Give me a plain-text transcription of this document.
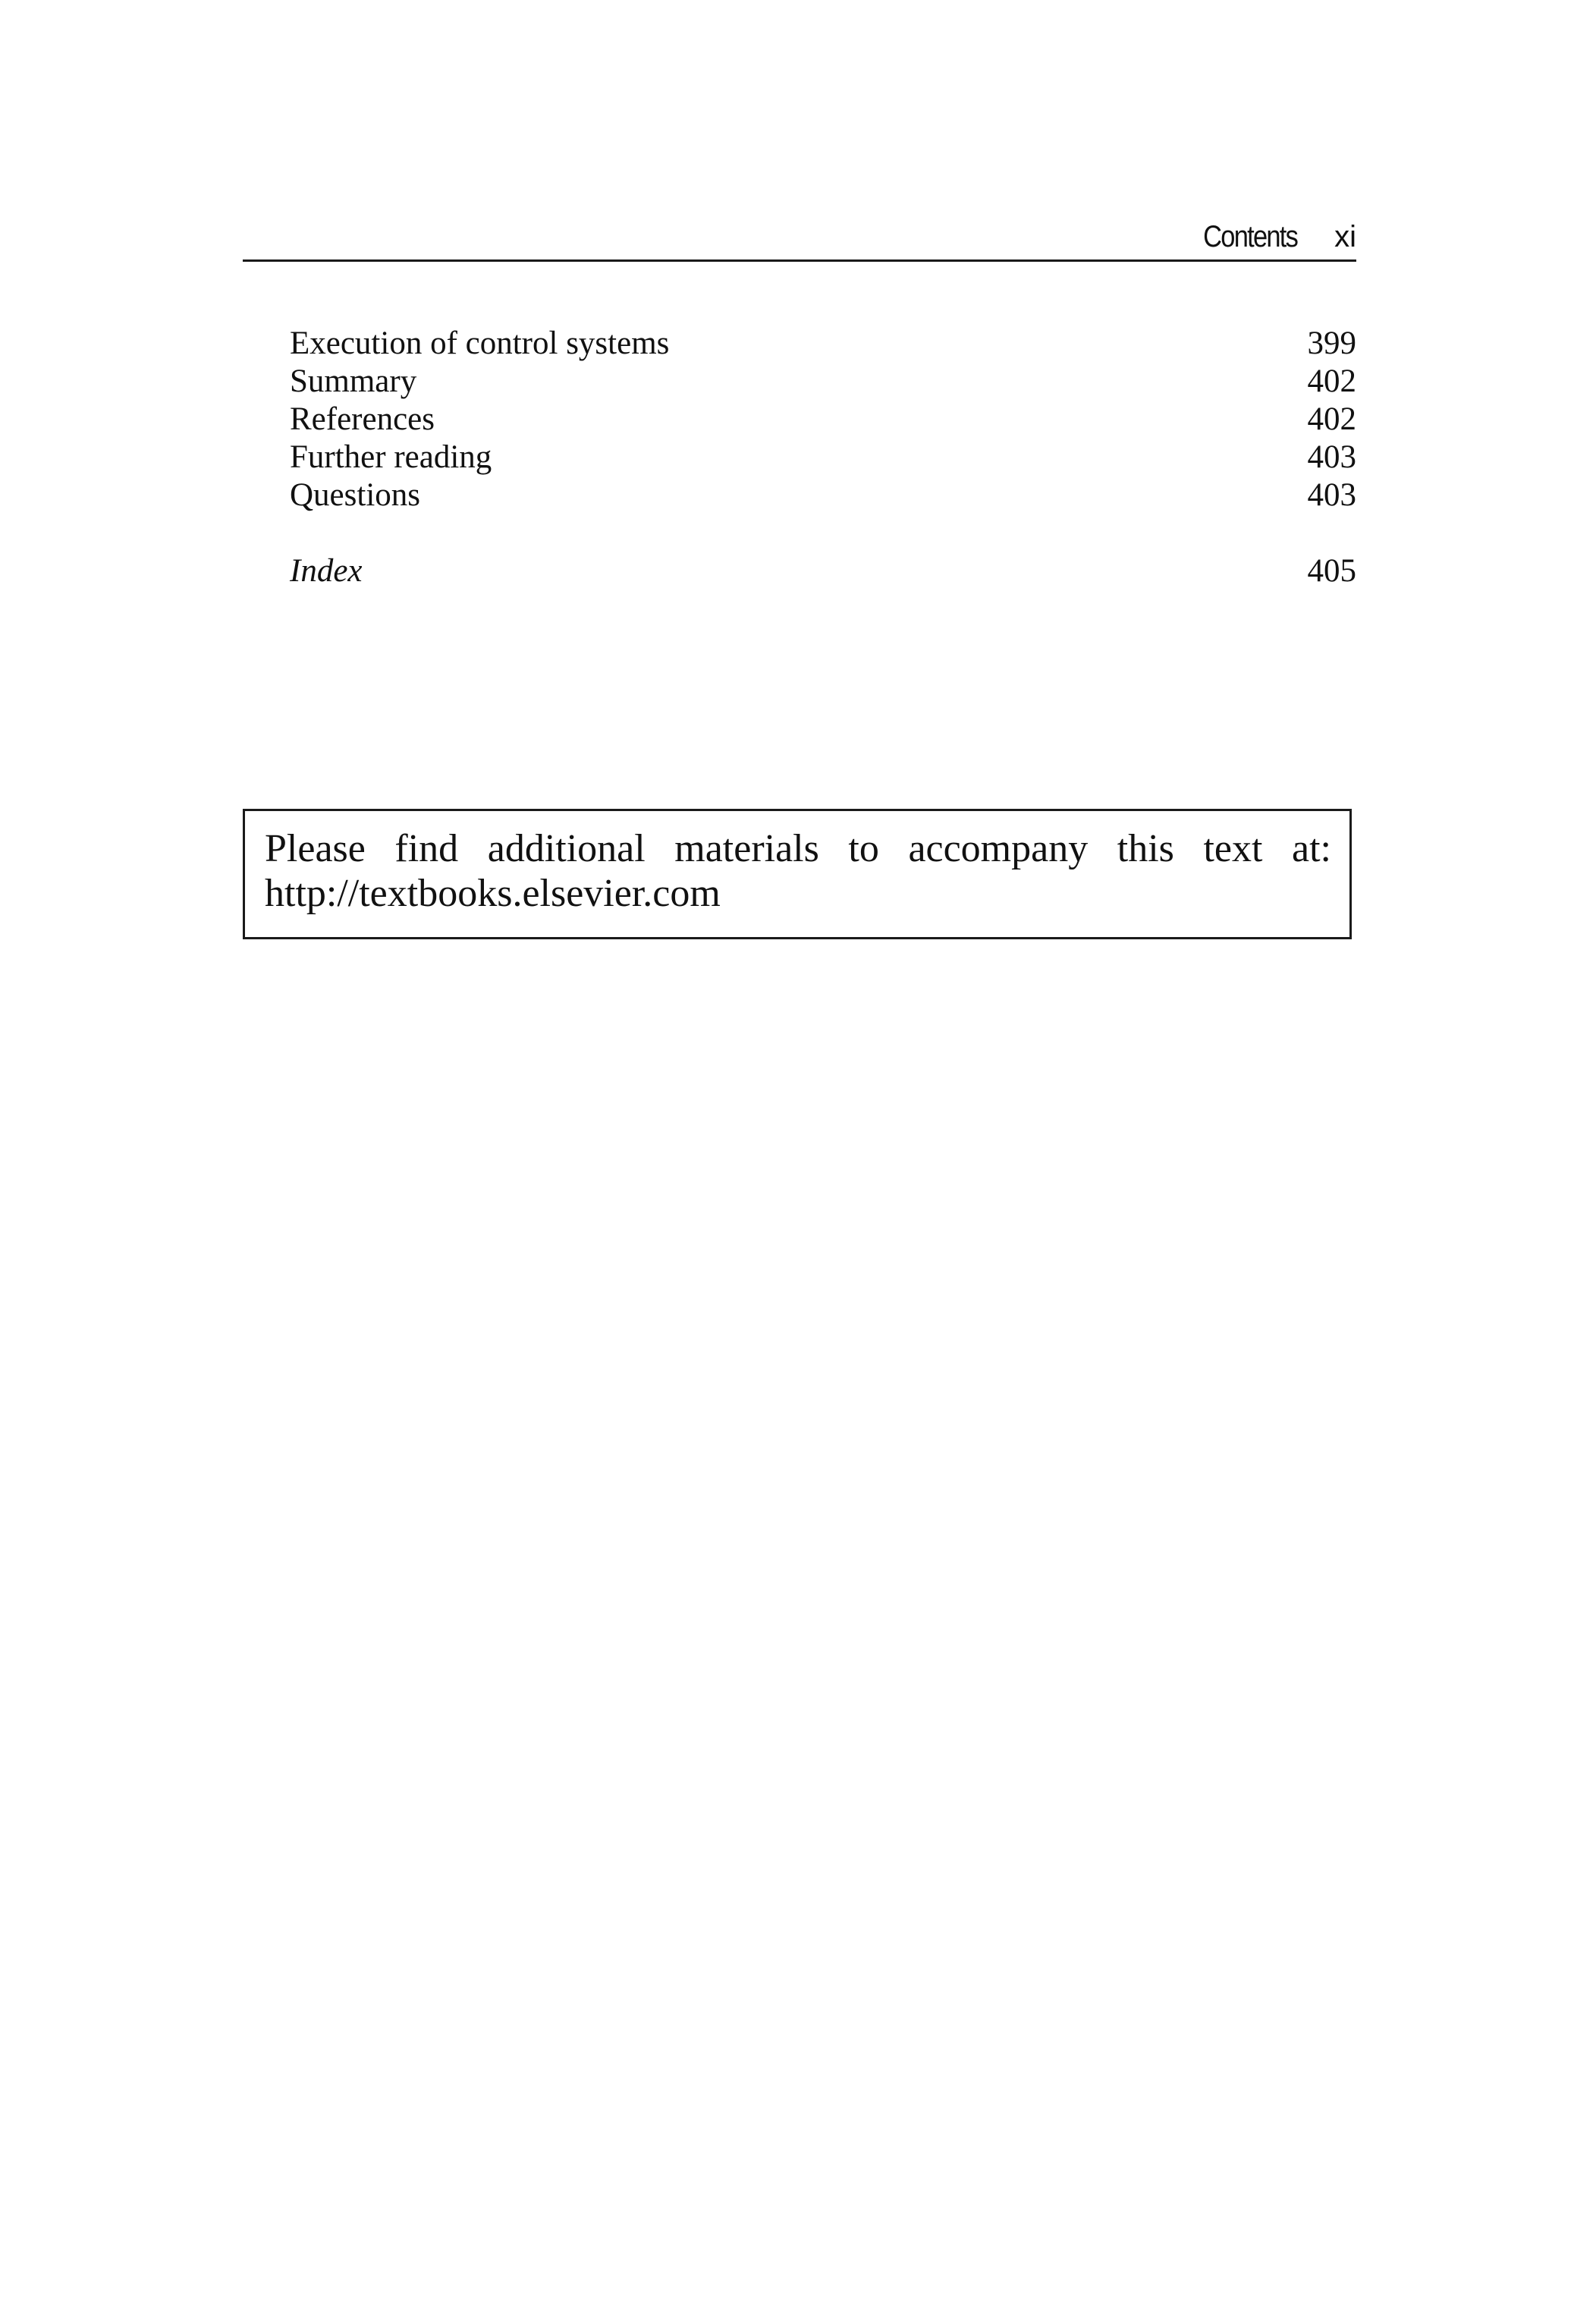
Contents xi
Execution of control systems	399
Summary	402
References	402
Further reading	403
Questions	403
Index	405
Please find additional materials to accompany this text at:
http://textbooks.elsevier.com
